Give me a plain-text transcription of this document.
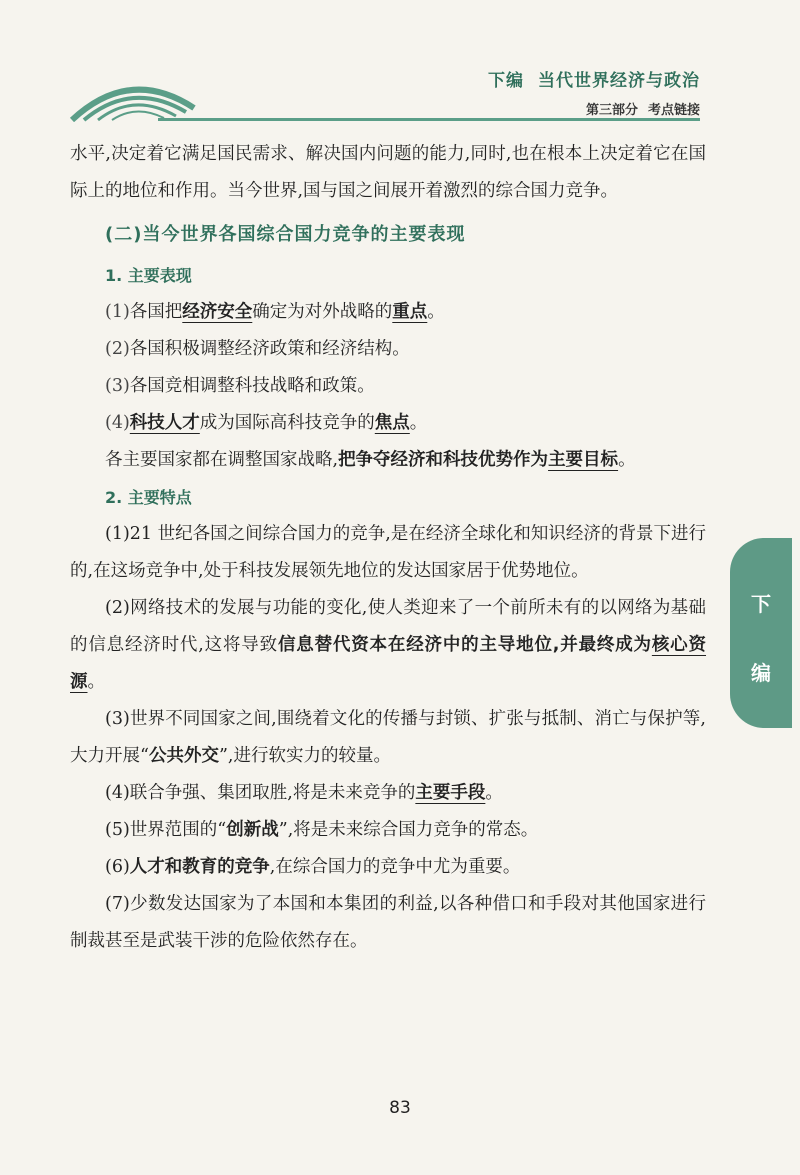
下编 当代世界经济与政治
第三部分 考点链接

水平,决定着它满足国民需求、解决国内问题的能力,同时,也在根本上决定着它在国际上的地位和作用。当今世界,国与国之间展开着激烈的综合国力竞争。

(二)当今世界各国综合国力竞争的主要表现

1. 主要表现

(1)各国把经济安全确定为对外战略的重点。

(2)各国积极调整经济政策和经济结构。

(3)各国竞相调整科技战略和政策。

(4)科技人才成为国际高科技竞争的焦点。

各主要国家都在调整国家战略,把争夺经济和科技优势作为主要目标。

2. 主要特点

(1)21 世纪各国之间综合国力的竞争,是在经济全球化和知识经济的背景下进行的,在这场竞争中,处于科技发展领先地位的发达国家居于优势地位。

(2)网络技术的发展与功能的变化,使人类迎来了一个前所未有的以网络为基础的信息经济时代,这将导致信息替代资本在经济中的主导地位,并最终成为核心资源。

(3)世界不同国家之间,围绕着文化的传播与封锁、扩张与抵制、消亡与保护等,大力开展“公共外交”,进行软实力的较量。

(4)联合争强、集团取胜,将是未来竞争的主要手段。

(5)世界范围的“创新战”,将是未来综合国力竞争的常态。

(6)人才和教育的竞争,在综合国力的竞争中尤为重要。

(7)少数发达国家为了本国和本集团的利益,以各种借口和手段对其他国家进行制裁甚至是武装干涉的危险依然存在。

下
编
83
